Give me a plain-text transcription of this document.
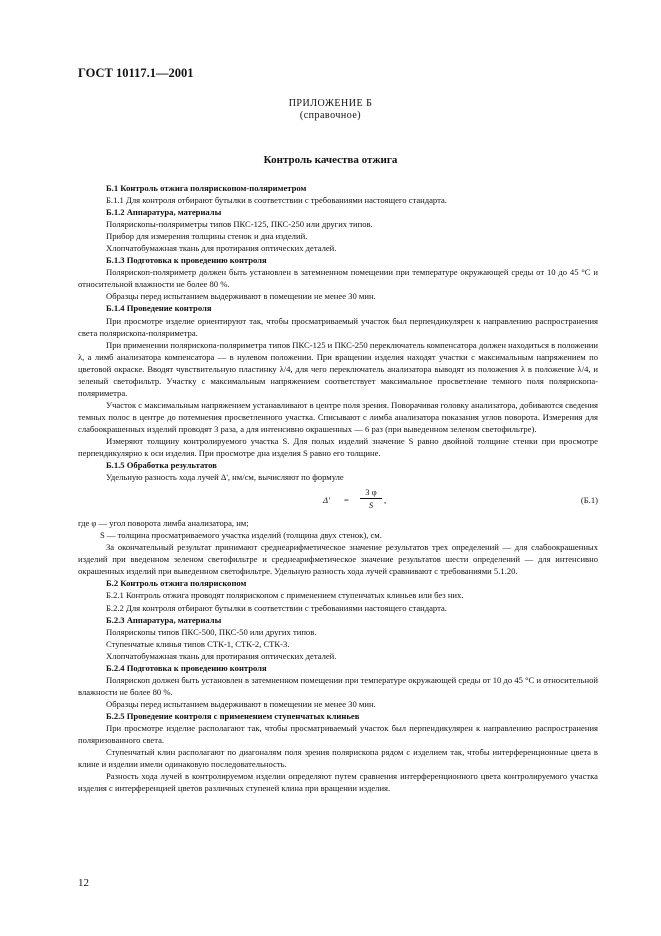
ГОСТ 10117.1—2001
ПРИЛОЖЕНИЕ Б
(справочное)
Контроль качества отжига

Б.1 Контроль отжига полярископом-поляриметром

Б.1.1 Для контроля отбирают бутылки в соответствии с требованиями настоящего стандарта.

Б.1.2 Аппаратура, материалы

Полярископы-поляриметры типов ПКС-125, ПКС-250 или других типов.

Прибор для измерения толщины стенок и дна изделий.

Хлопчатобумажная ткань для протирания оптических деталей.

Б.1.3 Подготовка к проведению контроля

Полярископ-поляриметр должен быть установлен в затемненном помещении при температуре окружающей среды от 10 до 45 °С и относительной влажности не более 80 %.

Образцы перед испытанием выдерживают в помещении не менее 30 мин.

Б.1.4 Проведение контроля

При просмотре изделие ориентируют так, чтобы просматриваемый участок был перпендикулярен к направлению распространения света полярископа-поляриметра.

При применении полярископа-поляриметра типов ПКС-125 и ПКС-250 переключатель компенсатора должен находиться в положении λ, а лимб анализатора компенсатора — в нулевом положении. При вращении изделия находят участки с максимальным напряжением по цветовой окраске. Вводят чувствительную пластинку λ/4, для чего переключатель анализатора выводят из положения λ в положение λ/4, и зеленый светофильтр. Участку с максимальным напряжением соответствует максимальное просветление темного поля полярископа-поляриметра.

Участок с максимальным напряжением устанавливают в центре поля зрения. Поворачивая головку анализатора, добиваются сведения темных полос в центре до потемнения просветленного участка. Списывают с лимба анализатора показания углов поворота. Измерения для слабоокрашенных изделий проводят 3 раза, а для интенсивно окрашенных — 6 раз (при выведенном зеленом светофильтре).

Измеряют толщину контролируемого участка S. Для полых изделий значение S равно двойной толщине стенки при просмотре перпендикулярно к оси изделия. При просмотре дна изделия S равно его толщине.

Б.1.5 Обработка результатов

Удельную разность хода лучей Δ', нм/см, вычисляют по формуле

$\Delta' = \frac{3 \varphi}{S}$ ,	(Б.1)

где φ — угол поворота лимба анализатора, нм;

S — толщина просматриваемого участка изделий (толщина двух стенок), см.

За окончательный результат принимают среднеарифметическое значение результатов трех определений — для слабоокрашенных изделий при введенном зеленом светофильтре и среднеарифметическое значение результатов шести определений — для интенсивно окрашенных изделий при выведенном светофильтре. Удельную разность хода лучей сравнивают с требованиями 5.1.20.

Б.2 Контроль отжига полярископом

Б.2.1 Контроль отжига проводят полярископом с применением ступенчатых клиньев или без них.

Б.2.2 Для контроля отбирают бутылки в соответствии с требованиями настоящего стандарта.

Б.2.3 Аппаратура, материалы

Полярископы типов ПКС-500, ПКС-50 или других типов.

Ступенчатые клинья типов СТК-1, СТК-2, СТК-3.

Хлопчатобумажная ткань для протирания оптических деталей.

Б.2.4 Подготовка к проведению контроля

Полярископ должен быть установлен в затемненном помещении при температуре окружающей среды от 10 до 45 °С и относительной влажности не более 80 %.

Образцы перед испытанием выдерживают в помещении не менее 30 мин.

Б.2.5 Проведение контроля с применением ступенчатых клиньев

При просмотре изделие располагают так, чтобы просматриваемый участок был перпендикулярен к направлению распространения поляризованного света.

Ступенчатый клин располагают по диагоналям поля зрения полярископа рядом с изделием так, чтобы интерференционные цвета в клине и изделии имели одинаковую последовательность.

Разность хода лучей в контролируемом изделии определяют путем сравнения интерференционного цвета контролируемого участка изделия с интерференцией цветов различных ступеней клина при вращении изделия.

12
